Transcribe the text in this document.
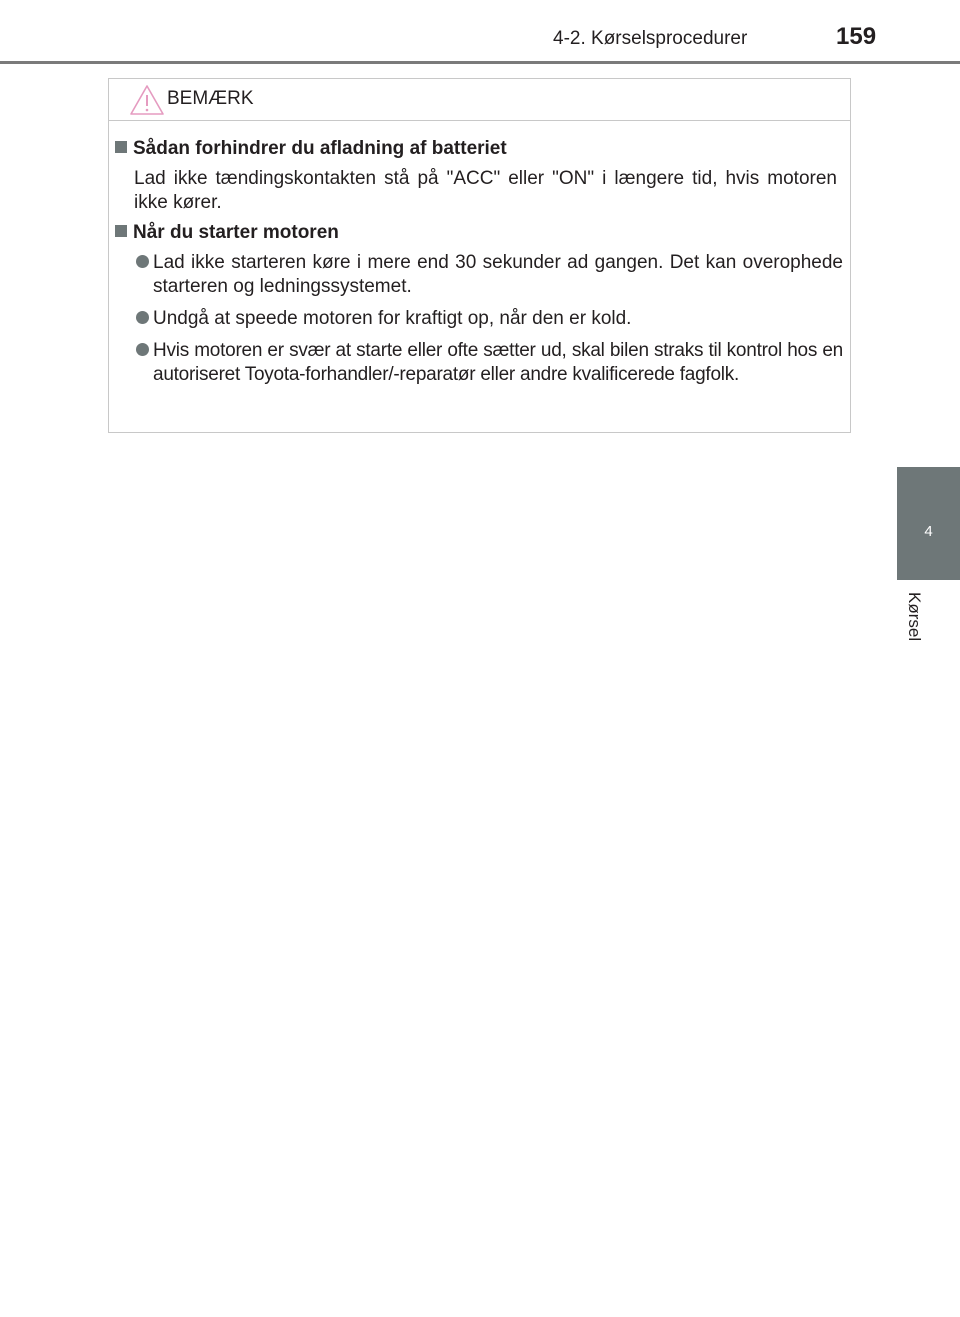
4-2. Kørselsprocedurer	159
4
Kørsel
BEMÆRK
Sådan forhindrer du afladning af batteriet
Lad ikke tændingskontakten stå på "ACC" eller "ON" i længere tid, hvis motoren ikke kører.
Når du starter motoren
Lad ikke starteren køre i mere end 30 sekunder ad gangen. Det kan overophede starteren og ledningssystemet.
Undgå at speede motoren for kraftigt op, når den er kold.
Hvis motoren er svær at starte eller ofte sætter ud, skal bilen straks til kontrol hos en autoriseret Toyota-forhandler/-reparatør eller andre kvalificerede fagfolk.
